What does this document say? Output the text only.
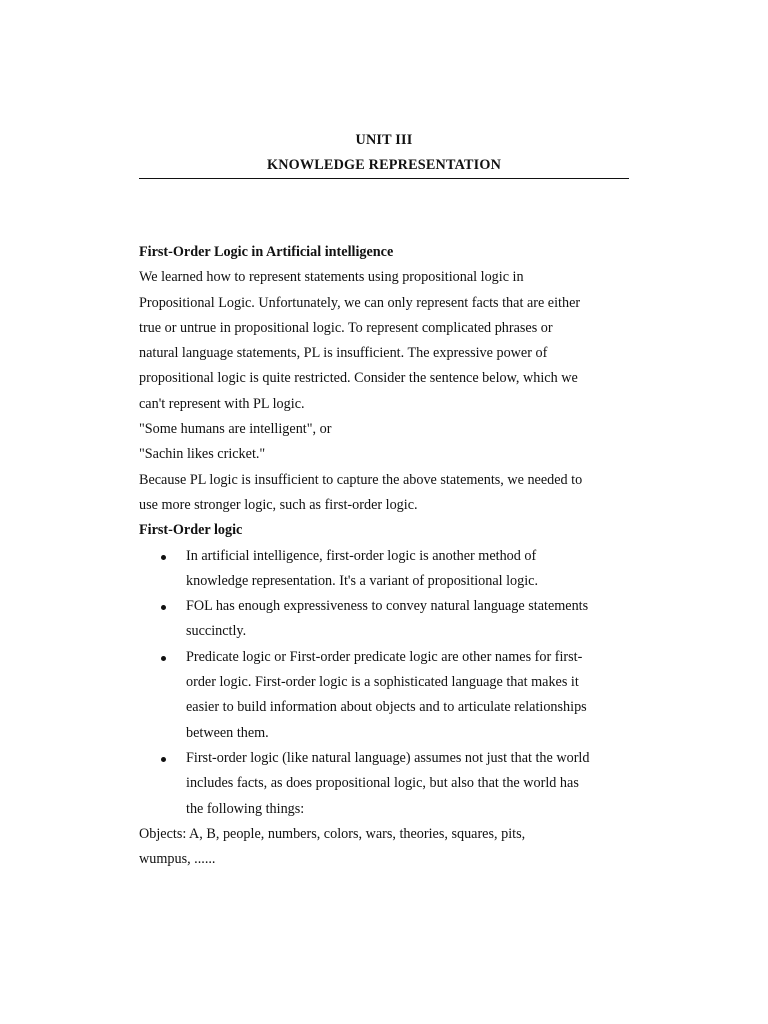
UNIT III
KNOWLEDGE REPRESENTATION
First-Order Logic in Artificial intelligence
We learned how to represent statements using propositional logic in
Propositional Logic. Unfortunately, we can only represent facts that are either
true or untrue in propositional logic. To represent complicated phrases or
natural language statements, PL is insufficient. The expressive power of
propositional logic is quite restricted. Consider the sentence below, which we
can't represent with PL logic.
"Some humans are intelligent", or
"Sachin likes cricket."
Because PL logic is insufficient to capture the above statements, we needed to
use more stronger logic, such as first-order logic.
First-Order logic
In artificial intelligence, first-order logic is another method of
knowledge representation. It's a variant of propositional logic.
FOL has enough expressiveness to convey natural language statements
succinctly.
Predicate logic or First-order predicate logic are other names for first-
order logic. First-order logic is a sophisticated language that makes it
easier to build information about objects and to articulate relationships
between them.
First-order logic (like natural language) assumes not just that the world
includes facts, as does propositional logic, but also that the world has
the following things:
Objects: A, B, people, numbers, colors, wars, theories, squares, pits,
wumpus, ......
